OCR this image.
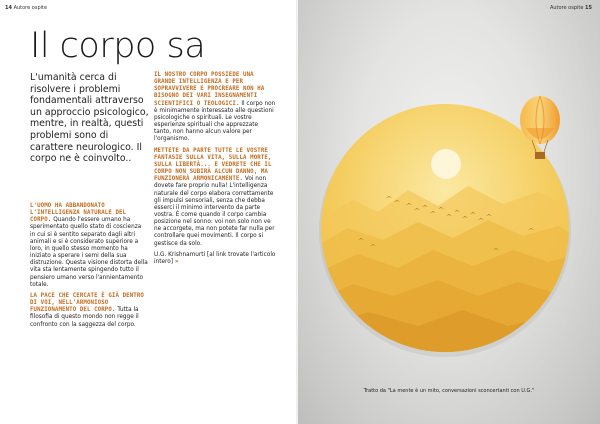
14 Autore ospite
Il corpo sa

L'umanità cerca di risolvere i problemi fondamentali attraverso un approccio psicologico, mentre, in realtà, questi problemi sono di carattere neurologico. Il corpo ne è coinvolto..

L'UOMO HA ABBANDONATO L'INTELLIGENZA NATURALE DEL CORPO. Quando l'essere umano ha sperimentato quello stato di coscienza in cui si è sentito separato dagli altri animali e si è considerato superiore a loro, in quello stesso momento ha iniziato a sperare i semi della sua distruzione. Questa visione distorta della vita sta lentamente spingendo tutto il pensiero umano verso l'annientamento totale.

LA PACE CHE CERCATE È GIÀ DENTRO DI VOI, NELL'ARMONIOSO FUNZIONAMENTO DEL CORPO. Tutta la filosofia di questo mondo non regge il confronto con la saggezza del corpo.

IL NOSTRO CORPO POSSIEDE UNA GRANDE INTELLIGENZA E PER SOPRAVVIVERE E PROCREARE NON HA BISOGNO DEI VARI INSEGNAMENTI SCIENTIFICI O TEOLOGICI. Il corpo non è minimamente interessato alle questioni psicologiche o spirituali. Le vostre esperienze spirituali che apprezzate tanto, non hanno alcun valore per l'organismo.

METTETE DA PARTE TUTTE LE VOSTRE FANTASIE SULLA VITA, SULLA MORTE, SULLA LIBERTÀ... E VEDRETE CHE IL CORPO NON SUBIRÀ ALCUN DANNO, MA FUNZIONERÀ ARMONICAMENTE. Voi non dovete fare proprio nulla! L'intelligenza naturale del corpo elabora correttamente gli impulsi sensoriali, senza che debba esserci il minimo intervento da parte vostra. È come quando il corpo cambia posizione nel sonno: voi non solo non ve ne accorgete, ma non potete far nulla per controllare quei movimenti. Il corpo si gestisce da solo.

U.G. Krishnamurti [al link trovate l'articolo intero] »

Autore ospite 15
Tratto da "La mente è un mito, conversazioni sconcertanti con U.G."
